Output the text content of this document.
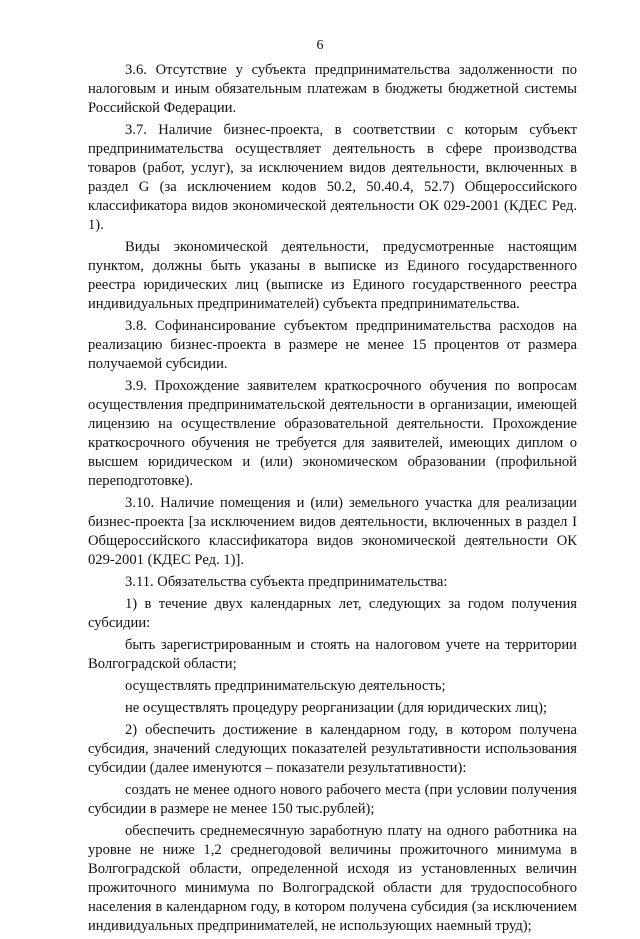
6

3.6. Отсутствие у субъекта предпринимательства задолженности по налоговым и иным обязательным платежам в бюджеты бюджетной системы Российской Федерации.

3.7. Наличие бизнес-проекта, в соответствии с которым субъект предпринимательства осуществляет деятельность в сфере производства товаров (работ, услуг), за исключением видов деятельности, включенных в раздел G (за исключением кодов 50.2, 50.40.4, 52.7) Общероссийского классификатора видов экономической деятельности ОК 029-2001 (КДЕС Ред. 1).

Виды экономической деятельности, предусмотренные настоящим пунктом, должны быть указаны в выписке из Единого государственного реестра юридических лиц (выписке из Единого государственного реестра индивидуальных предпринимателей) субъекта предпринимательства.

3.8. Софинансирование субъектом предпринимательства расходов на реализацию бизнес-проекта в размере не менее 15 процентов от размера получаемой субсидии.

3.9. Прохождение заявителем краткосрочного обучения по вопросам осуществления предпринимательской деятельности в организации, имеющей лицензию на осуществление образовательной деятельности. Прохождение краткосрочного обучения не требуется для заявителей, имеющих диплом о высшем юридическом и (или) экономическом образовании (профильной переподготовке).

3.10. Наличие помещения и (или) земельного участка для реализации бизнес-проекта [за исключением видов деятельности, включенных в раздел I Общероссийского классификатора видов экономической деятельности ОК 029-2001 (КДЕС Ред. 1)].

3.11. Обязательства субъекта предпринимательства:

1) в течение двух календарных лет, следующих за годом получения субсидии:

быть зарегистрированным и стоять на налоговом учете на территории Волгоградской области;

осуществлять предпринимательскую деятельность;

не осуществлять процедуру реорганизации (для юридических лиц);

2) обеспечить достижение в календарном году, в котором получена субсидия, значений следующих показателей результативности использования субсидии (далее именуются – показатели результативности):

создать не менее одного нового рабочего места (при условии получения субсидии в размере не менее 150 тыс.рублей);

обеспечить среднемесячную заработную плату на одного работника на уровне не ниже 1,2 среднегодовой величины прожиточного минимума в Волгоградской области, определенной исходя из установленных величин прожиточного минимума по Волгоградской области для трудоспособного населения в календарном году, в котором получена субсидия (за исключением индивидуальных предпринимателей, не использующих наемный труд);
